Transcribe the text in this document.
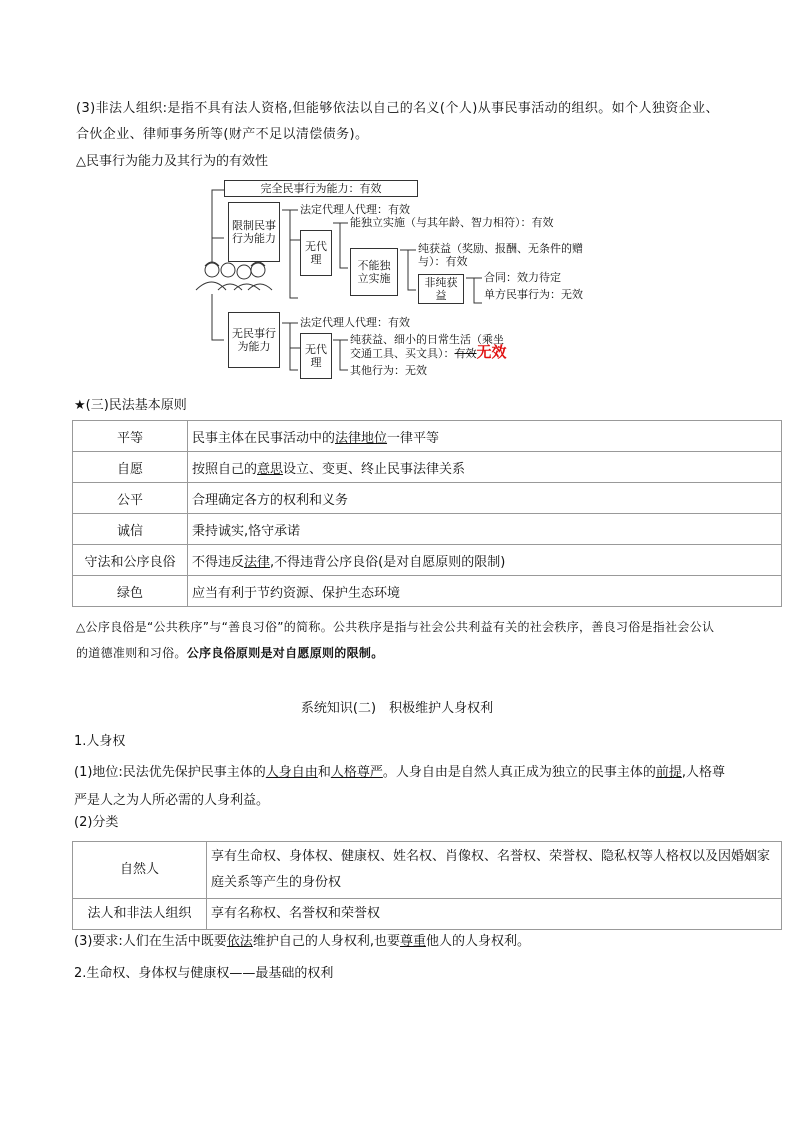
(3)非法人组织:是指不具有法人资格,但能够依法以自己的名义(个人)从事民事活动的组织。如个人独资企业、合伙企业、律师事务所等(财产不足以清偿债务)。
△民事行为能力及其行为的有效性
完全民事行为能力：有效
限制民事行为能力
法定代理人代理：有效
无代理
能独立实施（与其年龄、智力相符）：有效
不能独立实施
纯获益（奖励、报酬、无条件的赠与）：有效
非纯获益
合同：效力待定
单方民事行为：无效
无民事行为能力
法定代理人代理：有效
无代理
纯获益、细小的日常生活（乘坐
交通工具、买文具）：有效无效
其他行为：无效
★(三)民法基本原则
平等	民事主体在民事活动中的法律地位一律平等
自愿	按照自己的意思设立、变更、终止民事法律关系
公平	合理确定各方的权利和义务
诚信	秉持诚实,恪守承诺
守法和公序良俗	不得违反法律,不得违背公序良俗(是对自愿原则的限制)
绿色	应当有利于节约资源、保护生态环境
△公序良俗是“公共秩序”与“善良习俗”的简称。公共秩序是指与社会公共利益有关的社会秩序，善良习俗是指社会公认的道德准则和习俗。公序良俗原则是对自愿原则的限制。
系统知识(二)　积极维护人身权利
1.人身权
(1)地位:民法优先保护民事主体的人身自由和人格尊严。人身自由是自然人真正成为独立的民事主体的前提,人格尊严是人之为人所必需的人身利益。
(2)分类
自然人	享有生命权、身体权、健康权、姓名权、肖像权、名誉权、荣誉权、隐私权等人格权以及因婚姻家庭关系等产生的身份权
法人和非法人组织	享有名称权、名誉权和荣誉权
(3)要求:人们在生活中既要依法维护自己的人身权利,也要尊重他人的人身权利。
2.生命权、身体权与健康权——最基础的权利
